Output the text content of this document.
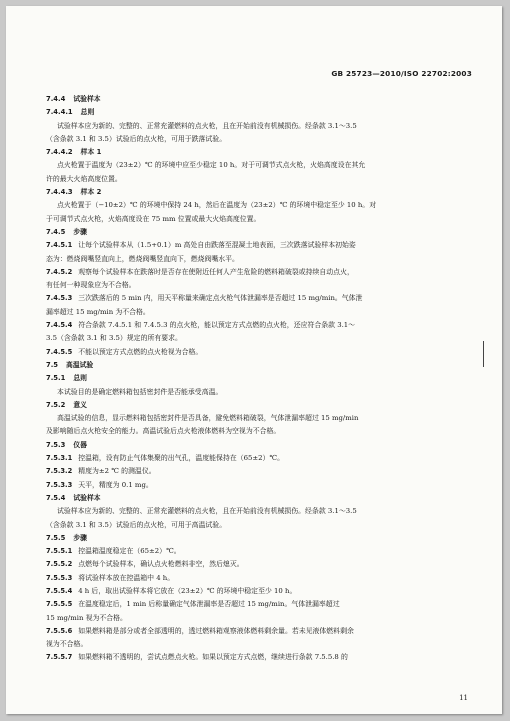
GB 25723—2010/ISO 22702:2003
7.4.4 试验样本
7.4.4.1 总则
试验样本应为新的、完整的、正常充灌燃料的点火枪，且在开始前没有机械损伤。经条款 3.1～3.5
（含条款 3.1 和 3.5）试验后的点火枪，可用于跌落试验。
7.4.4.2 样本 1
点火枪置于温度为（23±2）℃ 的环境中应至少稳定 10 h。对于可调节式点火枪，火焰高度设在其允
许的最大火焰高度位置。
7.4.4.3 样本 2
点火枪置于（−10±2）℃ 的环境中保持 24 h，然后在温度为（23±2）℃ 的环境中稳定至少 10 h。对
于可调节式点火枪，火焰高度设在 75 mm 位置或最大火焰高度位置。
7.4.5 步骤
7.4.5.1 让每个试验样本从（1.5+0.1）m 高处自由跌落至混凝土地表面，三次跌落试验样本初始姿
态为：燃烧阀嘴竖直向上，燃烧阀嘴竖直向下，燃烧阀嘴水平。
7.4.5.2 观察每个试验样本在跌落时是否存在使附近任何人产生危险的燃料箱破裂或持续自动点火，
有任何一种现象应为不合格。
7.4.5.3 三次跌落后的 5 min 内，用天平称量来确定点火枪气体泄漏率是否超过 15 mg/min。气体泄
漏率超过 15 mg/min 为不合格。
7.4.5.4 符合条款 7.4.5.1 和 7.4.5.3 的点火枪，能以预定方式点燃的点火枪，还应符合条款 3.1～
3.5（含条款 3.1 和 3.5）规定的所有要求。
7.4.5.5 不能以预定方式点燃的点火枪视为合格。
7.5 高温试验
7.5.1 总则
本试验目的是确定燃料箱包括密封件是否能承受高温。
7.5.2 意义
高温试验的信息，显示燃料箱包括密封件是否具备，避免燃料箱破裂，气体泄漏率超过 15 mg/min
及影响随后点火枪安全的能力。高温试验后点火枪液体燃料为空视为不合格。
7.5.3 仪器
7.5.3.1 控温箱，设有防止气体集聚的出气孔，温度能保持在（65±2）℃。
7.5.3.2 精度为±2 ℃ 的测温仪。
7.5.3.3 天平，精度为 0.1 mg。
7.5.4 试验样本
试验样本应为新的、完整的、正常充灌燃料的点火枪，且在开始前没有机械损伤。经条款 3.1～3.5
（含条款 3.1 和 3.5）试验后的点火枪，可用于高温试验。
7.5.5 步骤
7.5.5.1 控温箱温度稳定在（65±2）℃。
7.5.5.2 点燃每个试验样本，确认点火枪燃料非空，然后熄灭。
7.5.5.3 将试验样本放在控温箱中 4 h。
7.5.5.4 4 h 后，取出试验样本将它放在（23±2）℃ 的环境中稳定至少 10 h。
7.5.5.5 在温度稳定后，1 min 后称量确定气体泄漏率是否超过 15 mg/min。气体泄漏率超过
15 mg/min 视为不合格。
7.5.5.6 如果燃料箱是部分或者全部透明的，透过燃料箱观察液体燃料剩余量。若未见液体燃料剩余
视为不合格。
7.5.5.7 如果燃料箱不透明的，尝试点燃点火枪。如果以预定方式点燃，继续进行条款 7.5.5.8 的
11
